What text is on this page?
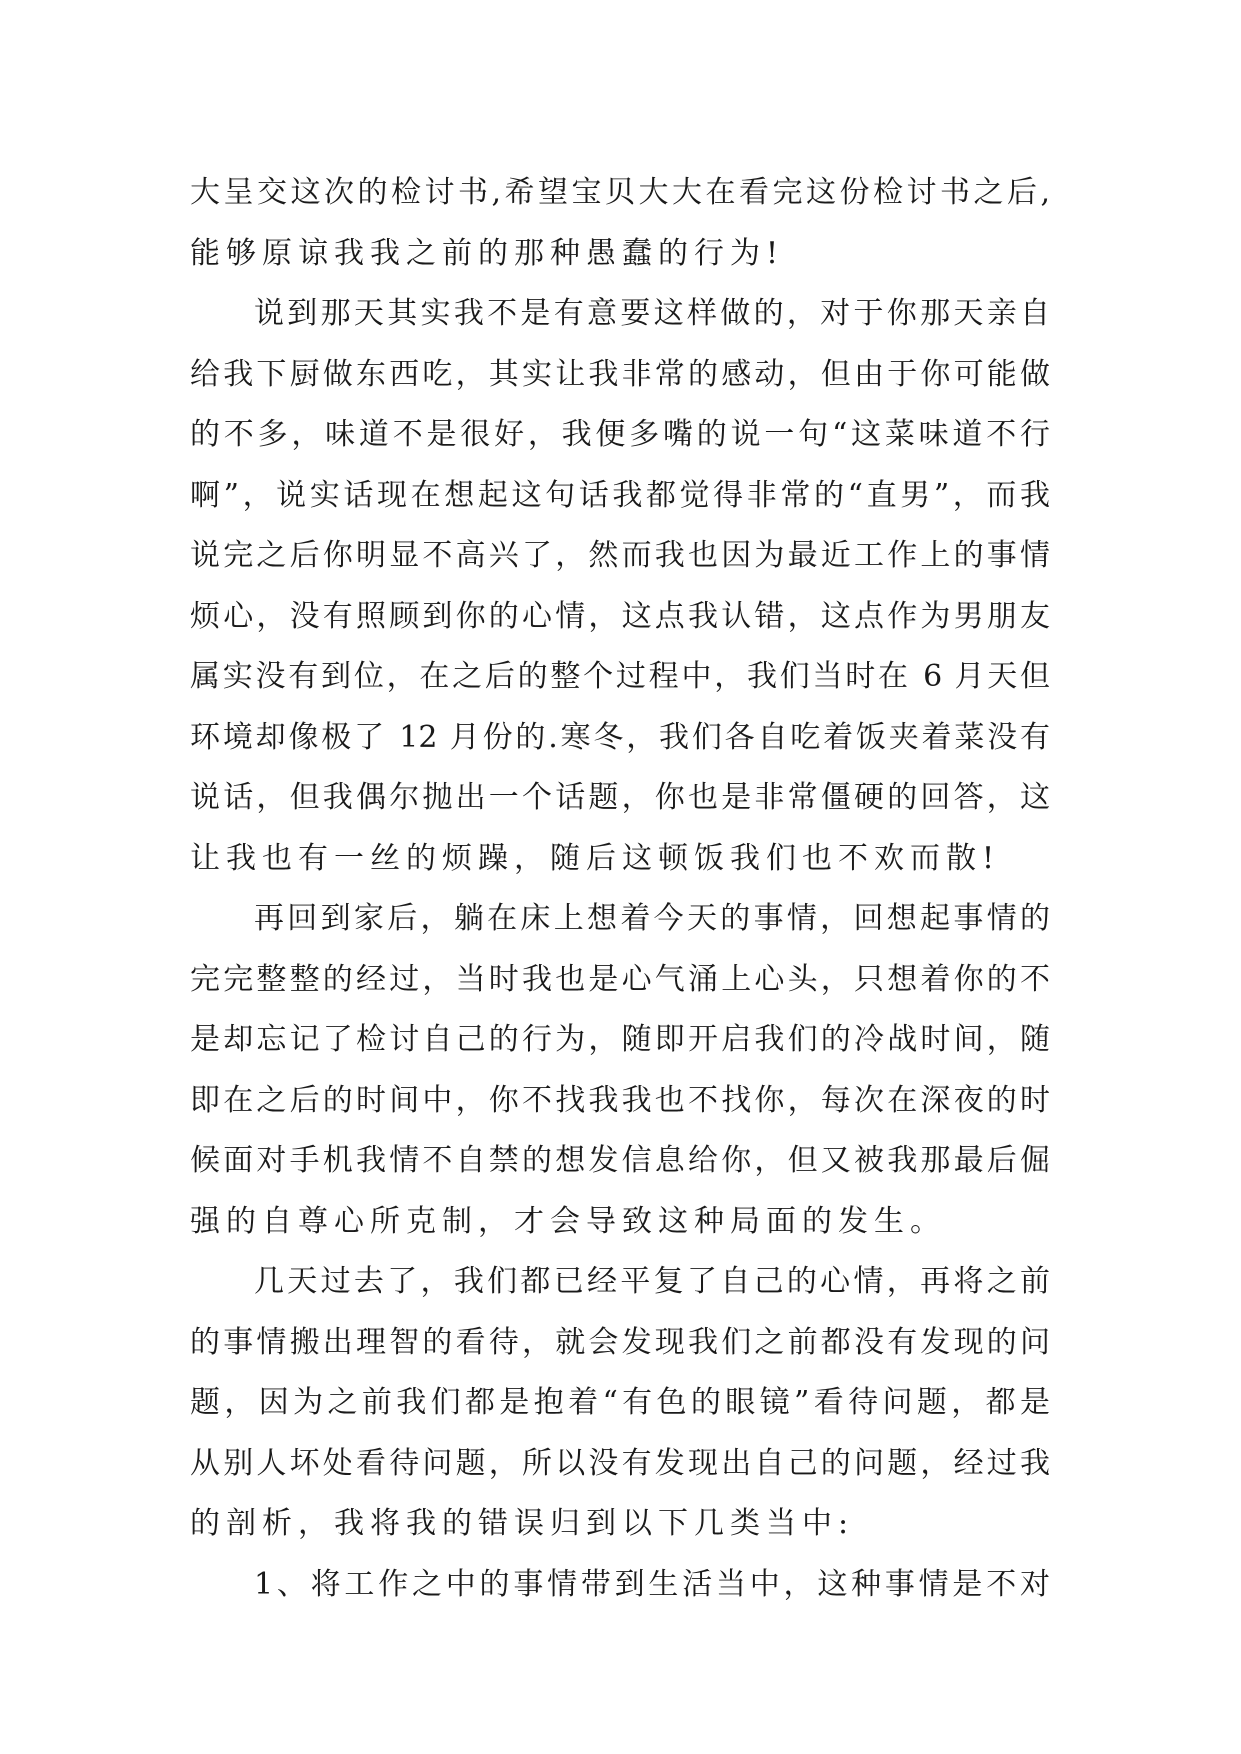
大呈交这次的检讨书,希望宝贝大大在看完这份检讨书之后,
能够原谅我我之前的那种愚蠢的行为!
说到那天其实我不是有意要这样做的，对于你那天亲自
给我下厨做东西吃，其实让我非常的感动，但由于你可能做
的不多，味道不是很好，我便多嘴的说一句“这菜味道不行
啊”，说实话现在想起这句话我都觉得非常的“直男”，而我
说完之后你明显不高兴了，然而我也因为最近工作上的事情
烦心，没有照顾到你的心情，这点我认错，这点作为男朋友
属实没有到位，在之后的整个过程中，我们当时在 6 月天但
环境却像极了 12 月份的.寒冬，我们各自吃着饭夹着菜没有
说话，但我偶尔抛出一个话题，你也是非常僵硬的回答，这
让我也有一丝的烦躁，随后这顿饭我们也不欢而散!
再回到家后，躺在床上想着今天的事情，回想起事情的
完完整整的经过，当时我也是心气涌上心头，只想着你的不
是却忘记了检讨自己的行为，随即开启我们的冷战时间，随
即在之后的时间中，你不找我我也不找你，每次在深夜的时
候面对手机我情不自禁的想发信息给你，但又被我那最后倔
强的自尊心所克制，才会导致这种局面的发生。
几天过去了，我们都已经平复了自己的心情，再将之前
的事情搬出理智的看待，就会发现我们之前都没有发现的问
题，因为之前我们都是抱着“有色的眼镜”看待问题，都是
从别人坏处看待问题，所以没有发现出自己的问题，经过我
的剖析，我将我的错误归到以下几类当中:
1、将工作之中的事情带到生活当中，这种事情是不对
